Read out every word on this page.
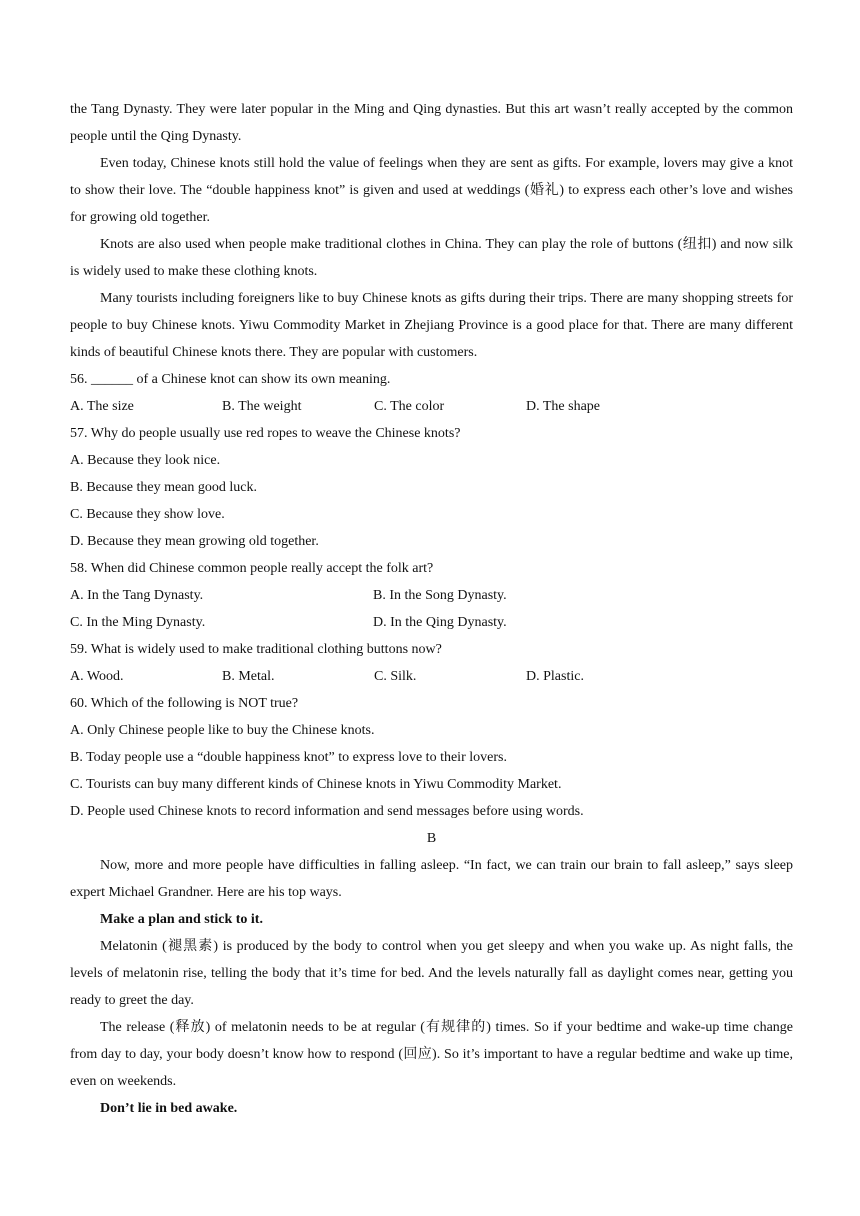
the Tang Dynasty. They were later popular in the Ming and Qing dynasties. But this art wasn’t really accepted by the common people until the Qing Dynasty.
Even today, Chinese knots still hold the value of feelings when they are sent as gifts. For example, lovers may give a knot to show their love. The “double happiness knot” is given and used at weddings (婚礼) to express each other’s love and wishes for growing old together.
Knots are also used when people make traditional clothes in China. They can play the role of buttons (纽扣) and now silk is widely used to make these clothing knots.
Many tourists including foreigners like to buy Chinese knots as gifts during their trips. There are many shopping streets for people to buy Chinese knots. Yiwu Commodity Market in Zhejiang Province is a good place for that. There are many different kinds of beautiful Chinese knots there. They are popular with customers.
56. ______ of a Chinese knot can show its own meaning.
A. The size	B. The weight	C. The color	D. The shape
57. Why do people usually use red ropes to weave the Chinese knots?
A. Because they look nice.
B. Because they mean good luck.
C. Because they show love.
D. Because they mean growing old together.
58. When did Chinese common people really accept the folk art?
A. In the Tang Dynasty.	B. In the Song Dynasty.
C. In the Ming Dynasty.	D. In the Qing Dynasty.
59. What is widely used to make traditional clothing buttons now?
A. Wood.	B. Metal.	C. Silk.	D. Plastic.
60. Which of the following is NOT true?
A. Only Chinese people like to buy the Chinese knots.
B. Today people use a “double happiness knot” to express love to their lovers.
C. Tourists can buy many different kinds of Chinese knots in Yiwu Commodity Market.
D. People used Chinese knots to record information and send messages before using words.
B
Now, more and more people have difficulties in falling asleep. “In fact, we can train our brain to fall asleep,” says sleep expert Michael Grandner. Here are his top ways.
Make a plan and stick to it.
Melatonin (褪黑素) is produced by the body to control when you get sleepy and when you wake up. As night falls, the levels of melatonin rise, telling the body that it’s time for bed. And the levels naturally fall as daylight comes near, getting you ready to greet the day.
The release (释放) of melatonin needs to be at regular (有规律的) times. So if your bedtime and wake-up time change from day to day, your body doesn’t know how to respond (回应). So it’s important to have a regular bedtime and wake up time, even on weekends.
Don’t lie in bed awake.
